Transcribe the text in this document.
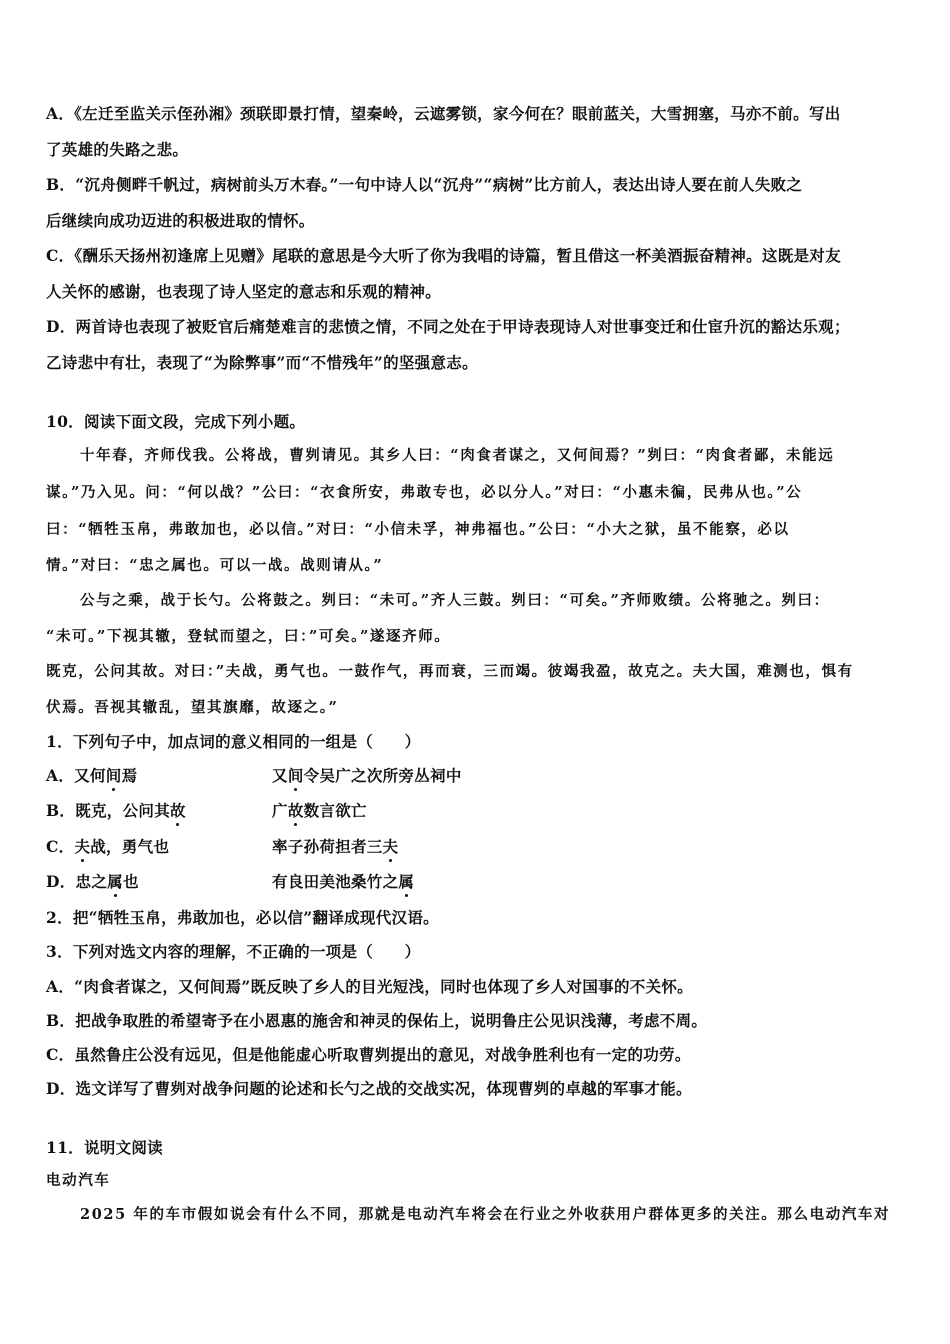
A．《左迁至监关示侄孙湘》颈联即景打情，望秦岭，云遮雾锁，家今何在？眼前蓝关，大雪拥塞，马亦不前。写出
了英雄的失路之悲。
B．“沉舟侧畔千帆过，病树前头万木春。”一句中诗人以“沉舟”“病树”比方前人，表达出诗人要在前人失败之
后继续向成功迈进的积极进取的情怀。
C．《酬乐天扬州初逢席上见赠》尾联的意思是今大听了你为我唱的诗篇，暂且借这一杯美酒振奋精神。这既是对友
人关怀的感谢，也表现了诗人坚定的意志和乐观的精神。
D．两首诗也表现了被贬官后痛楚难言的悲愤之情，不同之处在于甲诗表现诗人对世事变迁和仕宦升沉的豁达乐观；
乙诗悲中有壮，表现了“为除弊事”而“不惜残年”的坚强意志。
10．阅读下面文段，完成下列小题。
十年春，齐师伐我。公将战，曹刿请见。其乡人曰：“肉食者谋之，又何间焉？”刿曰：“肉食者鄙，未能远
谋。”乃入见。问：“何以战？”公曰：“衣食所安，弗敢专也，必以分人。”对曰：“小惠未徧，民弗从也。”公
曰：“牺牲玉帛，弗敢加也，必以信。”对曰：“小信未孚，神弗福也。”公曰：“小大之狱，虽不能察，必以
情。”对曰：“忠之属也。可以一战。战则请从。”
公与之乘，战于长勺。公将鼓之。刿曰：“未可。”齐人三鼓。刿曰：“可矣。”齐师败绩。公将驰之。刿曰：
“未可。”下视其辙，登轼而望之，曰：”可矣。”遂逐齐师。
既克，公问其故。对曰：”夫战，勇气也。一鼓作气，再而衰，三而竭。彼竭我盈，故克之。夫大国，难测也，惧有
伏焉。吾视其辙乱，望其旗靡，故逐之。”
1．下列句子中，加点词的意义相同的一组是（　　）
A．又何间焉	又间令吴广之次所旁丛祠中
B．既克，公问其故	广故数言欲亡
C．夫战，勇气也	率子孙荷担者三夫
D．忠之属也	有良田美池桑竹之属
2．把“牺牲玉帛，弗敢加也，必以信”翻译成现代汉语。
3．下列对选文内容的理解，不正确的一项是（　　）
A．“肉食者谋之，又何间焉”既反映了乡人的目光短浅，同时也体现了乡人对国事的不关怀。
B．把战争取胜的希望寄予在小恩惠的施舍和神灵的保佑上，说明鲁庄公见识浅薄，考虑不周。
C．虽然鲁庄公没有远见，但是他能虚心听取曹刿提出的意见，对战争胜利也有一定的功劳。
D．选文详写了曹刿对战争问题的论述和长勺之战的交战实况，体现曹刿的卓越的军事才能。
11．说明文阅读
电动汽车
2025 年的车市假如说会有什么不同，那就是电动汽车将会在行业之外收获用户群体更多的关注。那么电动汽车对
